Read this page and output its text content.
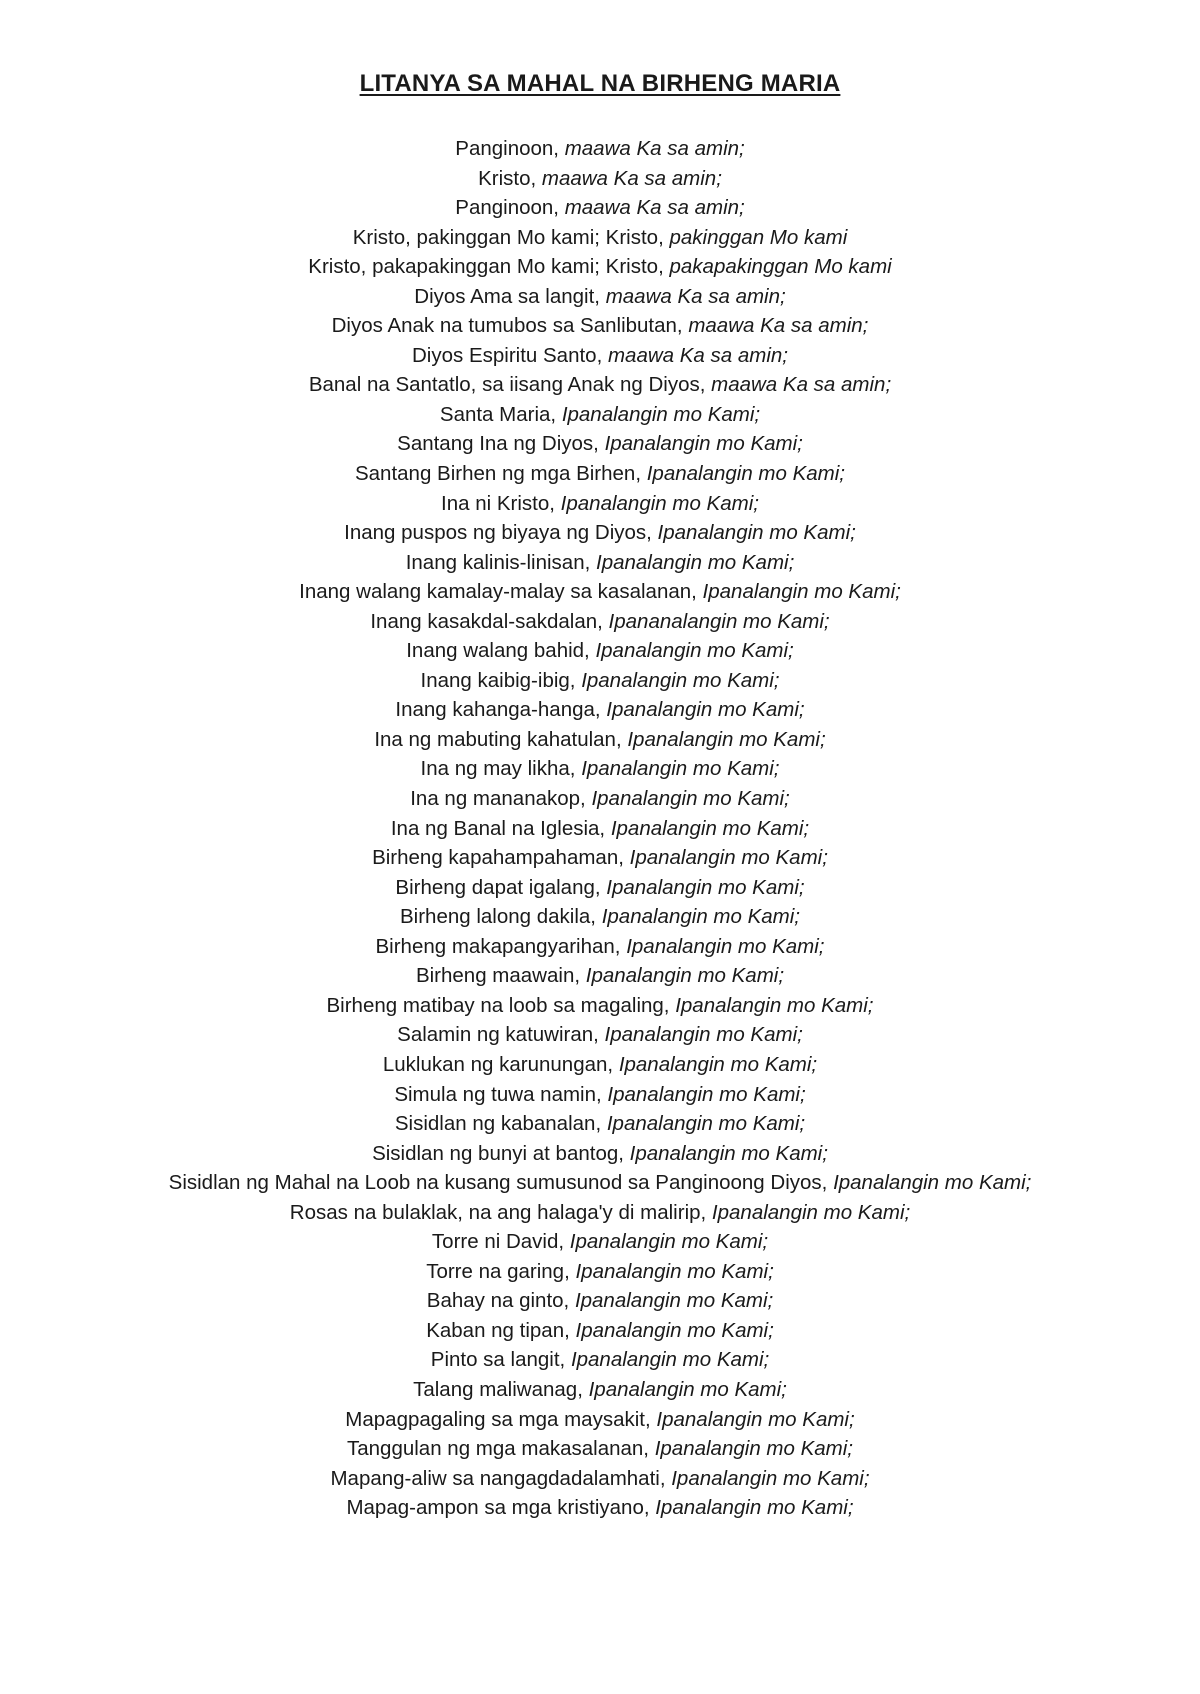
LITANYA SA MAHAL NA BIRHENG MARIA
Panginoon, maawa Ka sa amin;
Kristo, maawa Ka sa amin;
Panginoon, maawa Ka sa amin;
Kristo, pakinggan Mo kami; Kristo, pakinggan Mo kami
Kristo, pakapakinggan Mo kami; Kristo, pakapakinggan Mo kami
Diyos Ama sa langit, maawa Ka sa amin;
Diyos Anak na tumubos sa Sanlibutan, maawa Ka sa amin;
Diyos Espiritu Santo, maawa Ka sa amin;
Banal na Santatlo, sa iisang Anak ng Diyos, maawa Ka sa amin;
Santa Maria, Ipanalangin mo Kami;
Santang Ina ng Diyos, Ipanalangin mo Kami;
Santang Birhen ng mga Birhen, Ipanalangin mo Kami;
Ina ni Kristo, Ipanalangin mo Kami;
Inang puspos ng biyaya ng Diyos, Ipanalangin mo Kami;
Inang kalinis-linisan, Ipanalangin mo Kami;
Inang walang kamalay-malay sa kasalanan, Ipanalangin mo Kami;
Inang kasakdal-sakdalan, Ipananalangin mo Kami;
Inang walang bahid, Ipanalangin mo Kami;
Inang kaibig-ibig, Ipanalangin mo Kami;
Inang kahanga-hanga, Ipanalangin mo Kami;
Ina ng mabuting kahatulan, Ipanalangin mo Kami;
Ina ng may likha, Ipanalangin mo Kami;
Ina ng mananakop, Ipanalangin mo Kami;
Ina ng Banal na Iglesia, Ipanalangin mo Kami;
Birheng kapahampahaman, Ipanalangin mo Kami;
Birheng dapat igalang, Ipanalangin mo Kami;
Birheng lalong dakila, Ipanalangin mo Kami;
Birheng makapangyarihan, Ipanalangin mo Kami;
Birheng maawain, Ipanalangin mo Kami;
Birheng matibay na loob sa magaling, Ipanalangin mo Kami;
Salamin ng katuwiran, Ipanalangin mo Kami;
Luklukan ng karunungan, Ipanalangin mo Kami;
Simula ng tuwa namin, Ipanalangin mo Kami;
Sisidlan ng kabanalan, Ipanalangin mo Kami;
Sisidlan ng bunyi at bantog, Ipanalangin mo Kami;
Sisidlan ng Mahal na Loob na kusang sumusunod sa Panginoong Diyos, Ipanalangin mo Kami;
Rosas na bulaklak, na ang halaga'y di malirip, Ipanalangin mo Kami;
Torre ni David, Ipanalangin mo Kami;
Torre na garing, Ipanalangin mo Kami;
Bahay na ginto, Ipanalangin mo Kami;
Kaban ng tipan, Ipanalangin mo Kami;
Pinto sa langit, Ipanalangin mo Kami;
Talang maliwanag, Ipanalangin mo Kami;
Mapagpagaling sa mga maysakit, Ipanalangin mo Kami;
Tanggulan ng mga makasalanan, Ipanalangin mo Kami;
Mapang-aliw sa nangagdadalamhati, Ipanalangin mo Kami;
Mapag-ampon sa mga kristiyano, Ipanalangin mo Kami;
